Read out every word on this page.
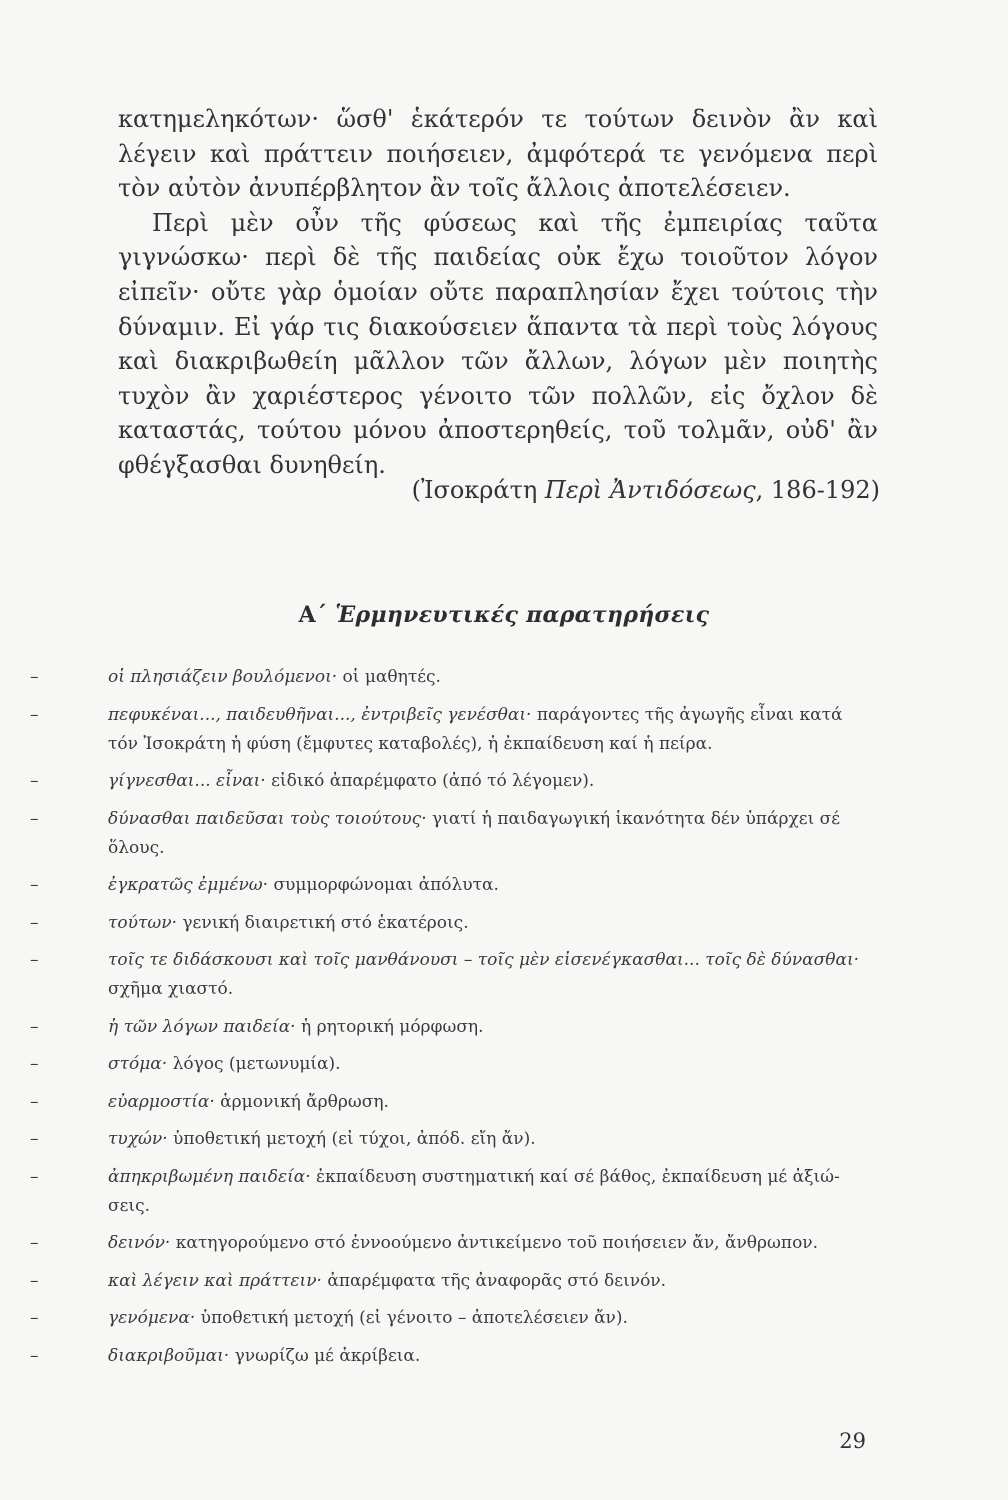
κατημεληκότων· ὥσθ' ἑκάτερόν τε τούτων δεινὸν ἂν καὶ λέγειν καὶ πράττειν ποιήσειεν, ἀμφότερά τε γενόμενα περὶ τὸν αὐτὸν ἀνυπέρβλητον ἂν τοῖς ἄλλοις ἀποτελέσειεν.

Περὶ μὲν οὖν τῆς φύσεως καὶ τῆς ἐμπειρίας ταῦτα γιγνώσκω· περὶ δὲ τῆς παιδείας οὐκ ἔχω τοιοῦτον λόγον εἰπεῖν· οὔτε γὰρ ὁμοίαν οὔτε παραπλησίαν ἔχει τούτοις τὴν δύναμιν. Εἰ γάρ τις διακούσειεν ἅπαντα τὰ περὶ τοὺς λόγους καὶ διακριβωθείη μᾶλλον τῶν ἄλλων, λόγων μὲν ποιητὴς τυχὸν ἂν χαριέστερος γένοιτο τῶν πολλῶν, εἰς ὄχλον δὲ καταστάς, τούτου μόνου ἀποστερηθείς, τοῦ τολμᾶν, οὐδ' ἂν φθέγξασθαι δυνηθείη.

(Ἰσοκράτη Περὶ Ἀντιδόσεως, 186-192)
Α΄ Ἑρμηνευτικές παρατηρήσεις
–	οἱ πλησιάζειν βουλόμενοι· οἱ μαθητές.
–	πεφυκέναι..., παιδευθῆναι..., ἐντριβεῖς γενέσθαι· παράγοντες τῆς ἀγωγῆς εἶναι κατά
τόν Ἰσοκράτη ἡ φύση (ἔμφυτες καταβολές), ἡ ἐκπαίδευση καί ἡ πείρα.
–	γίγνεσθαι... εἶναι· εἰδικό ἀπαρέμφατο (ἀπό τό λέγομεν).
–	δύνασθαι παιδεῦσαι τοὺς τοιούτους· γιατί ἡ παιδαγωγική ἱκανότητα δέν ὑπάρχει σέ
ὅλους.
–	ἐγκρατῶς ἐμμένω· συμμορφώνομαι ἀπόλυτα.
–	τούτων· γενική διαιρετική στό ἑκατέροις.
–	τοῖς τε διδάσκουσι καὶ τοῖς μανθάνουσι – τοῖς μὲν εἰσενέγκασθαι... τοῖς δὲ δύνασθαι·
σχῆμα χιαστό.
–	ἡ τῶν λόγων παιδεία· ἡ ρητορική μόρφωση.
–	στόμα· λόγος (μετωνυμία).
–	εὐαρμοστία· ἁρμονική ἄρθρωση.
–	τυχών· ὑποθετική μετοχή (εἰ τύχοι, ἀπόδ. εἴη ἄν).
–	ἀπηκριβωμένη παιδεία· ἐκπαίδευση συστηματική καί σέ βάθος, ἐκπαίδευση μέ ἀξιώ-
σεις.
–	δεινόν· κατηγορούμενο στό ἐννοούμενο ἀντικείμενο τοῦ ποιήσειεν ἄν, ἄνθρωπον.
–	καὶ λέγειν καὶ πράττειν· ἀπαρέμφατα τῆς ἀναφορᾶς στό δεινόν.
–	γενόμενα· ὑποθετική μετοχή (εἰ γένοιτο – ἀποτελέσειεν ἄν).
–	διακριβοῦμαι· γνωρίζω μέ ἀκρίβεια.
29
